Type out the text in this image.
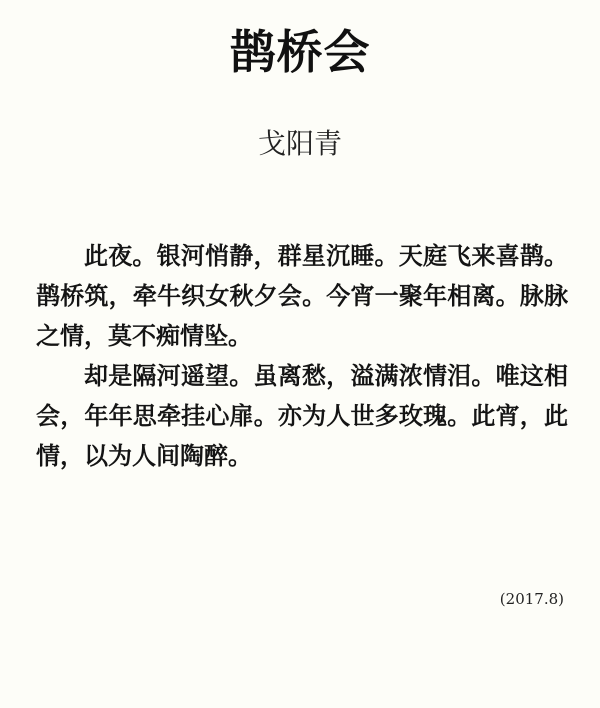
鹊桥会
戈阳青

此夜。银河悄静，群星沉睡。天庭飞来喜鹊。鹊桥筑，牵牛织女秋夕会。今宵一聚年相离。脉脉之情，莫不痴情坠。

却是隔河遥望。虽离愁，溢满浓情泪。唯这相会，年年思牵挂心扉。亦为人世多玫瑰。此宵，此情，以为人间陶醉。

(2017.8)
